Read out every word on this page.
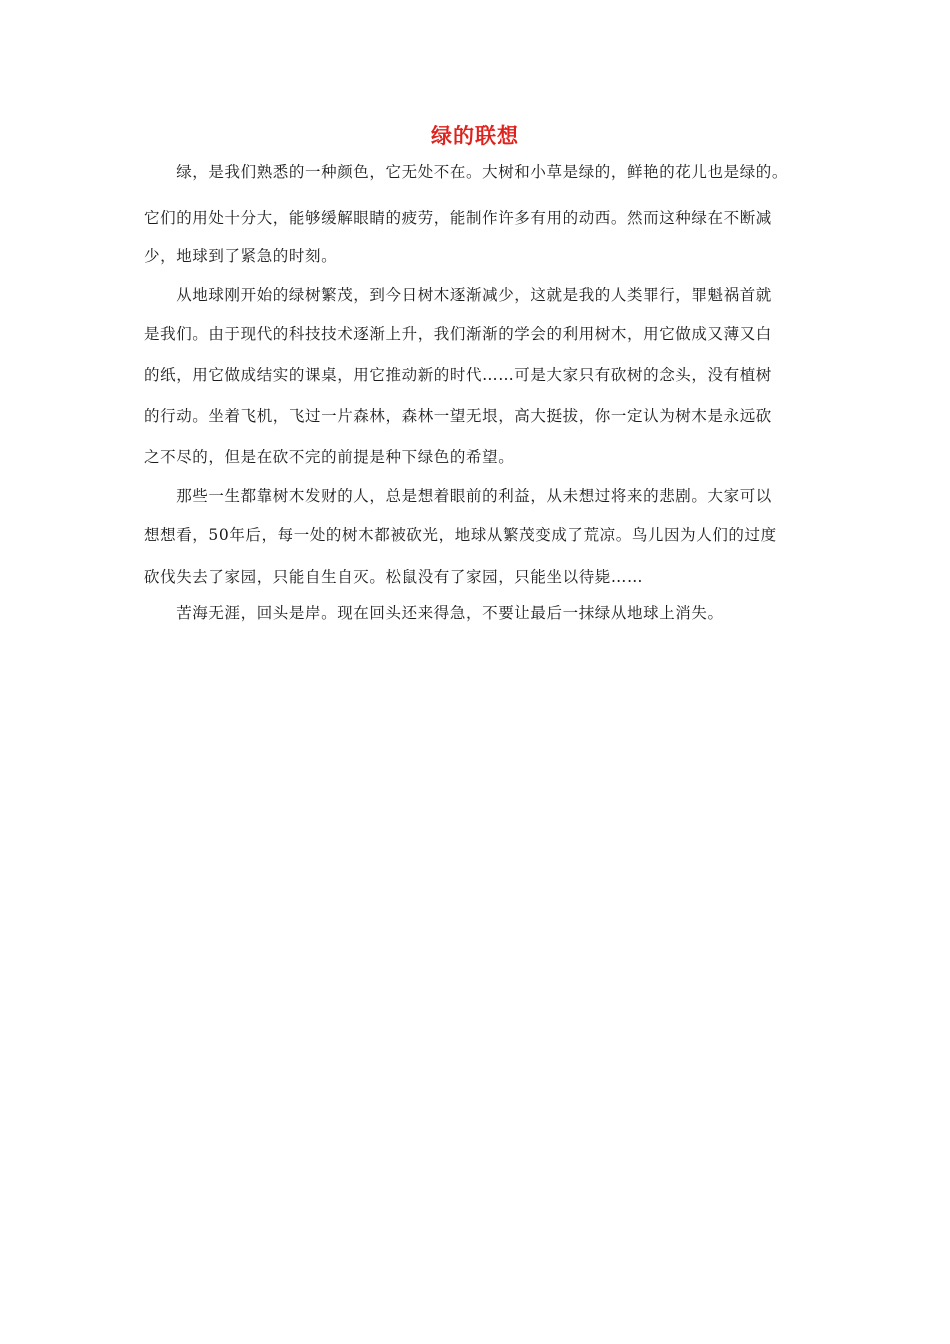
绿的联想
　　绿，是我们熟悉的一种颜色，它无处不在。大树和小草是绿的，鲜艳的花儿也是绿的。
它们的用处十分大，能够缓解眼睛的疲劳，能制作许多有用的动西。然而这种绿在不断减
少，地球到了紧急的时刻。
　　从地球刚开始的绿树繁茂，到今日树木逐渐减少，这就是我的人类罪行，罪魁祸首就
是我们。由于现代的科技技术逐渐上升，我们渐渐的学会的利用树木，用它做成又薄又白
的纸，用它做成结实的课桌，用它推动新的时代……可是大家只有砍树的念头，没有植树
的行动。坐着飞机，飞过一片森林，森林一望无垠，高大挺拔，你一定认为树木是永远砍
之不尽的，但是在砍不完的前提是种下绿色的希望。
　　那些一生都靠树木发财的人，总是想着眼前的利益，从未想过将来的悲剧。大家可以
想想看，50年后，每一处的树木都被砍光，地球从繁茂变成了荒凉。鸟儿因为人们的过度
砍伐失去了家园，只能自生自灭。松鼠没有了家园，只能坐以待毙……
　　苦海无涯，回头是岸。现在回头还来得急，不要让最后一抹绿从地球上消失。
